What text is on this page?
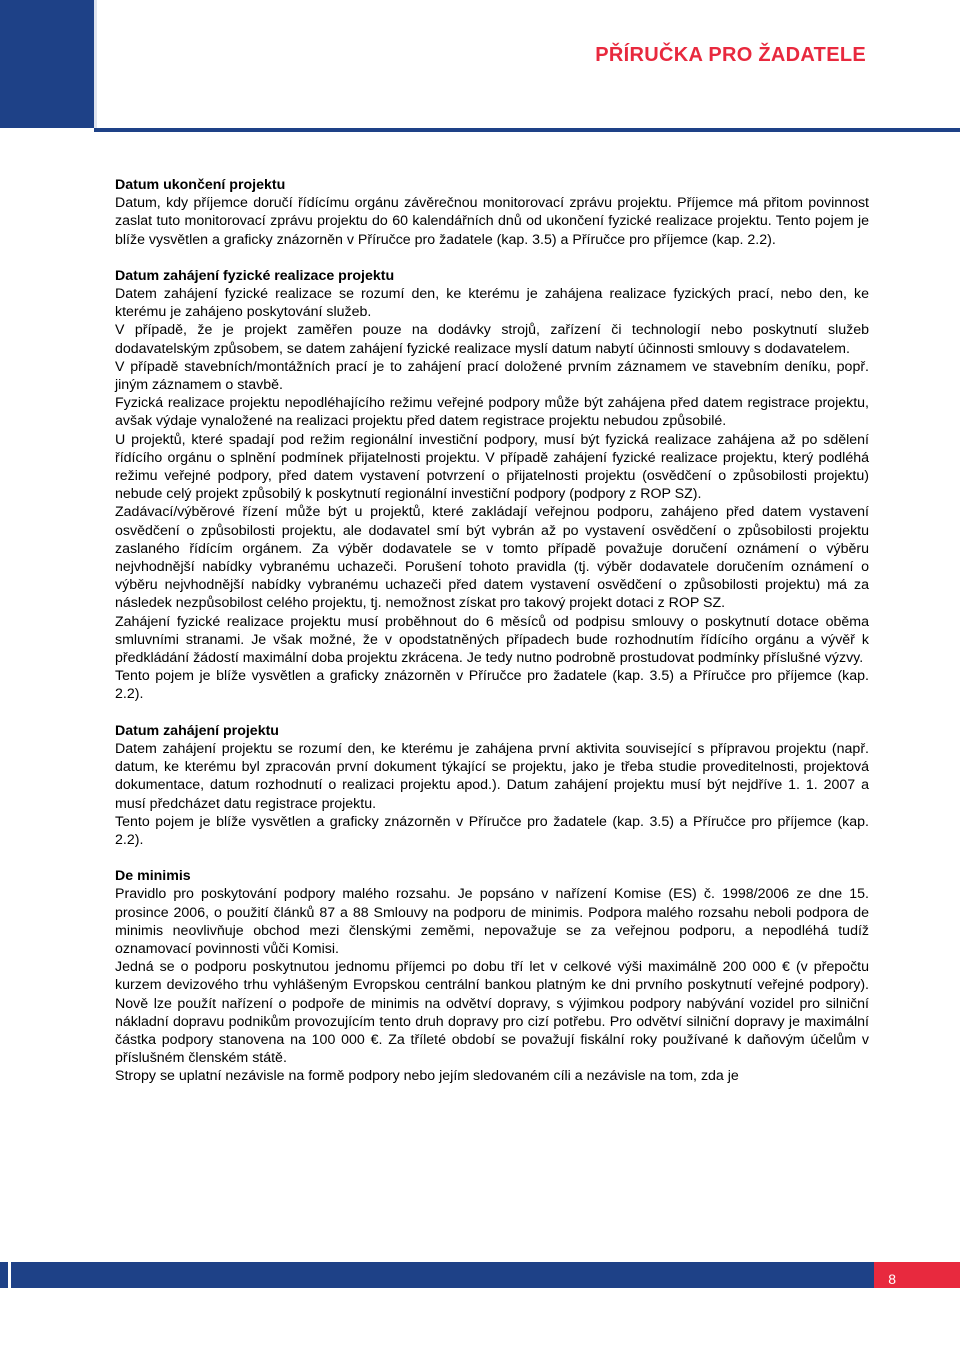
PŘÍRUČKA PRO ŽADATELE
Datum ukončení projektu

Datum, kdy příjemce doručí řídícímu orgánu závěrečnou monitorovací zprávu projektu. Příjemce má přitom povinnost zaslat tuto monitorovací zprávu projektu do 60 kalendářních dnů od ukončení fyzické realizace projektu. Tento pojem je blíže vysvětlen a graficky znázorněn v Příručce pro žadatele (kap. 3.5) a Příručce pro příjemce (kap. 2.2).

Datum zahájení fyzické realizace projektu

Datem zahájení fyzické realizace se rozumí den, ke kterému je zahájena realizace fyzických prací, nebo den, ke kterému je zahájeno poskytování služeb.

V případě, že je projekt zaměřen pouze na dodávky strojů, zařízení či technologií nebo poskytnutí služeb dodavatelským způsobem, se datem zahájení fyzické realizace myslí datum nabytí účinnosti smlouvy s dodavatelem.

V případě stavebních/montážních prací je to zahájení prací doložené prvním záznamem ve stavebním deníku, popř. jiným záznamem o stavbě.

Fyzická realizace projektu nepodléhajícího režimu veřejné podpory může být zahájena před datem registrace projektu, avšak výdaje vynaložené na realizaci projektu před datem registrace projektu nebudou způsobilé.

U projektů, které spadají pod režim regionální investiční podpory, musí být fyzická realizace zahájena až po sdělení řídícího orgánu o splnění podmínek přijatelnosti projektu. V případě zahájení fyzické realizace projektu, který podléhá režimu veřejné podpory, před datem vystavení potvrzení o přijatelnosti projektu (osvědčení o způsobilosti projektu) nebude celý projekt způsobilý k poskytnutí regionální investiční podpory (podpory z ROP SZ).

Zadávací/výběrové řízení může být u projektů, které zakládají veřejnou podporu, zahájeno před datem vystavení osvědčení o způsobilosti projektu, ale dodavatel smí být vybrán až po vystavení osvědčení o způsobilosti projektu zaslaného řídícím orgánem. Za výběr dodavatele se v tomto případě považuje doručení oznámení o výběru nejvhodnější nabídky vybranému uchazeči. Porušení tohoto pravidla (tj. výběr dodavatele doručením oznámení o výběru nejvhodnější nabídky vybranému uchazeči před datem vystavení osvědčení o způsobilosti projektu) má za následek nezpůsobilost celého projektu, tj. nemožnost získat pro takový projekt dotaci z ROP SZ.

Zahájení fyzické realizace projektu musí proběhnout do 6 měsíců od podpisu smlouvy o poskytnutí dotace oběma smluvními stranami. Je však možné, že v opodstatněných případech bude rozhodnutím řídícího orgánu a vývěř k předkládání žádostí maximální doba projektu zkrácena. Je tedy nutno podrobně prostudovat podmínky příslušné výzvy.

Tento pojem je blíže vysvětlen a graficky znázorněn v Příručce pro žadatele (kap. 3.5) a Příručce pro příjemce (kap. 2.2).

Datum zahájení projektu

Datem zahájení projektu se rozumí den, ke kterému je zahájena první aktivita související s přípravou projektu (např. datum, ke kterému byl zpracován první dokument týkající se projektu, jako je třeba studie proveditelnosti, projektová dokumentace, datum rozhodnutí o realizaci projektu apod.). Datum zahájení projektu musí být nejdříve 1. 1. 2007 a musí předcházet datu registrace projektu.

Tento pojem je blíže vysvětlen a graficky znázorněn v Příručce pro žadatele (kap. 3.5) a Příručce pro příjemce (kap. 2.2).

De minimis

Pravidlo pro poskytování podpory malého rozsahu. Je popsáno v nařízení Komise (ES) č. 1998/2006 ze dne 15. prosince 2006, o použití článků 87 a 88 Smlouvy na podporu de minimis. Podpora malého rozsahu neboli podpora de minimis neovlivňuje obchod mezi členskými zeměmi, nepovažuje se za veřejnou podporu, a nepodléhá tudíž oznamovací povinnosti vůči Komisi.

Jedná se o podporu poskytnutou jednomu příjemci po dobu tří let v celkové výši maximálně 200 000 € (v přepočtu kurzem devizového trhu vyhlášeným Evropskou centrální bankou platným ke dni prvního poskytnutí veřejné podpory). Nově lze použít nařízení o podpoře de minimis na odvětví dopravy, s výjimkou podpory nabývání vozidel pro silniční nákladní dopravu podnikům provozujícím tento druh dopravy pro cizí potřebu. Pro odvětví silniční dopravy je maximální částka podpory stanovena na 100 000 €. Za tříleté období se považují fiskální roky používané k daňovým účelům v příslušném členském státě.

Stropy se uplatní nezávisle na formě podpory nebo jejím sledovaném cíli a nezávisle na tom, zda je

8
